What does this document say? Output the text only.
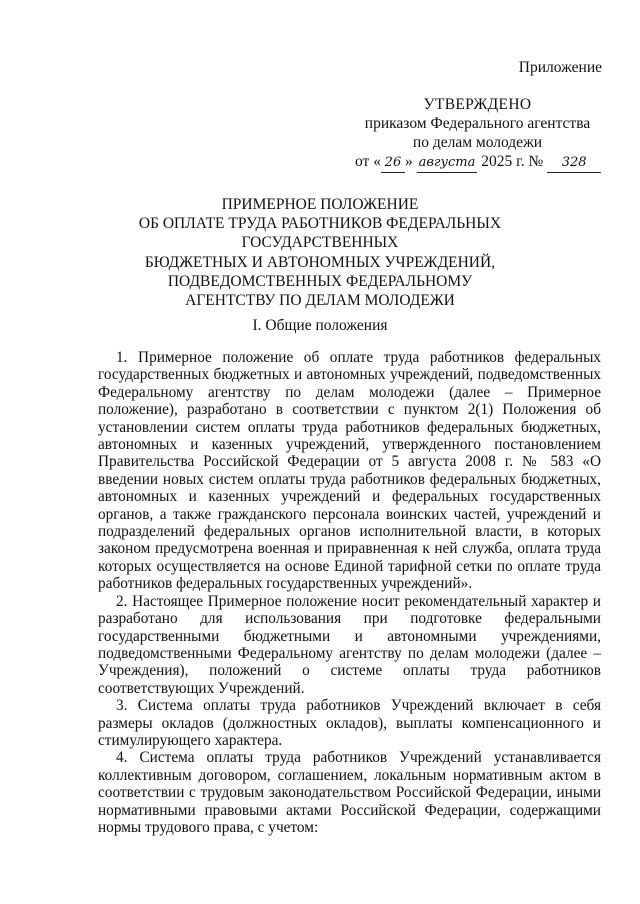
Приложение
УТВЕРЖДЕНО
приказом Федерального агентства
по делам молодежи
от « 26 » августа 2025 г. № 328
ПРИМЕРНОЕ ПОЛОЖЕНИЕ
ОБ ОПЛАТЕ ТРУДА РАБОТНИКОВ ФЕДЕРАЛЬНЫХ
ГОСУДАРСТВЕННЫХ
БЮДЖЕТНЫХ И АВТОНОМНЫХ УЧРЕЖДЕНИЙ,
ПОДВЕДОМСТВЕННЫХ ФЕДЕРАЛЬНОМУ
АГЕНТСТВУ ПО ДЕЛАМ МОЛОДЕЖИ
I. Общие положения

1. Примерное положение об оплате труда работников федеральных государственных бюджетных и автономных учреждений, подведомственных Федеральному агентству по делам молодежи (далее – Примерное положение), разработано в соответствии с пунктом 2(1) Положения об установлении систем оплаты труда работников федеральных бюджетных, автономных и казенных учреждений, утвержденного постановлением Правительства Российской Федерации от 5 августа 2008 г. № 583 «О введении новых систем оплаты труда работников федеральных бюджетных, автономных и казенных учреждений и федеральных государственных органов, а также гражданского персонала воинских частей, учреждений и подразделений федеральных органов исполнительной власти, в которых законом предусмотрена военная и приравненная к ней служба, оплата труда которых осуществляется на основе Единой тарифной сетки по оплате труда работников федеральных государственных учреждений».

2. Настоящее Примерное положение носит рекомендательный характер и разработано для использования при подготовке федеральными государственными бюджетными и автономными учреждениями, подведомственными Федеральному агентству по делам молодежи (далее – Учреждения), положений о системе оплаты труда работников соответствующих Учреждений.

3. Система оплаты труда работников Учреждений включает в себя размеры окладов (должностных окладов), выплаты компенсационного и стимулирующего характера.

4. Система оплаты труда работников Учреждений устанавливается коллективным договором, соглашением, локальным нормативным актом в соответствии с трудовым законодательством Российской Федерации, иными нормативными правовыми актами Российской Федерации, содержащими нормы трудового права, с учетом:
